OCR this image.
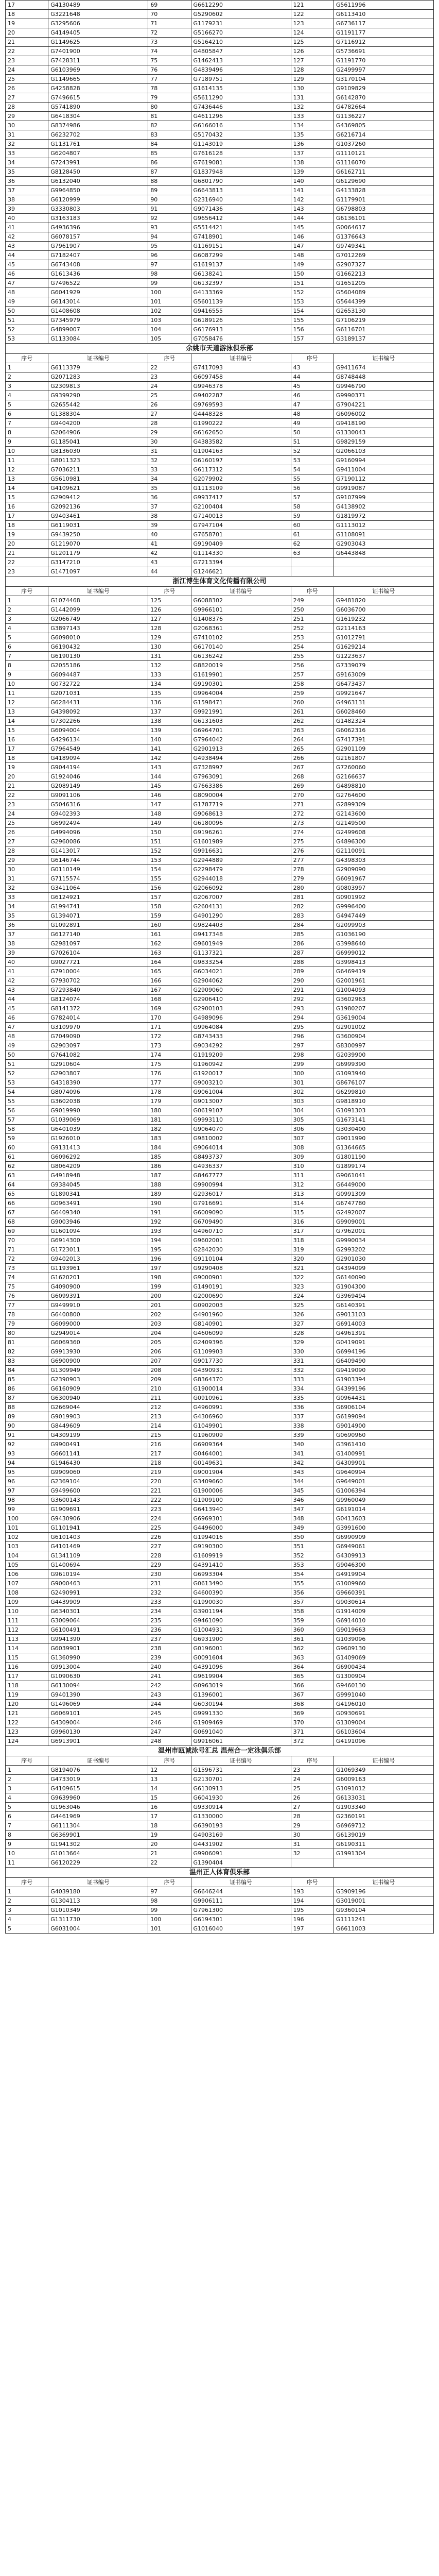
17	G4130489	69	G6612290	121	G5611996
18	G3221648	70	G5290602	122	G6113410
19	G3295606	71	G1179231	123	G6736117
20	G4149405	72	G5166270	124	G1191177
21	G1149625	73	G5164210	125	G7116912
22	G7401900	74	G4805847	126	G5736691
23	G7428311	75	G1462413	127	G1191770
24	G6103969	76	G4839496	128	G2499997
25	G1149665	77	G7189751	129	G3170104
26	G4258828	78	G1614135	130	G9109829
27	G7496615	79	G5611290	131	G6142870
28	G5741890	80	G7436446	132	G4782664
29	G6418304	81	G4611296	133	G1136227
30	G8374986	82	G6166016	134	G4369805
31	G6232702	83	G5170432	135	G6216714
32	G1131761	84	G1143019	136	G1037260
33	G6204807	85	G7616128	137	G1110121
34	G7243991	86	G7619081	138	G1116070
35	G8128450	87	G1837948	139	G6162711
36	G6132040	88	G6801790	140	G6129690
37	G9964850	89	G6643813	141	G4133828
38	G6120999	90	G2316940	142	G1179901
39	G3330803	91	G9071436	143	G6798803
40	G3163183	92	G9656412	144	G6136101
41	G4936396	93	G5514421	145	G0064617
42	G6078157	94	G7418901	146	G1376643
43	G7961907	95	G1169151	147	G9749341
44	G7182407	96	G6087299	148	G7012269
45	G6743408	97	G1619137	149	G2907327
46	G1613436	98	G6138241	150	G1662213
47	G7496522	99	G6132397	151	G1651205
48	G6041929	100	G4133369	152	G5604089
49	G6143014	101	G5601139	153	G5644399
50	G1408608	102	G9416555	154	G2653130
51	G7345979	103	G6189126	155	G7106219
52	G4899007	104	G6176913	156	G6116701
53	G1133084	105	G7058476	157	G3189137
余姚市天道游泳俱乐部					
序号	证书编号	序号	证书编号	序号	证书编号
1	G6113379	22	G7417093	43	G9411674
2	G2071283	23	G6097458	44	G8748448
3	G2309813	24	G9946378	45	G9946790
4	G9399290	25	G9402287	46	G9990371
5	G2655442	26	G9769593	47	G7904221
6	G1388304	27	G4448328	48	G6096002
7	G9404200	28	G1990222	49	G9418190
8	G2064906	29	G6162650	50	G1330043
9	G1185041	30	G4383582	51	G9829159
10	G8136030	31	G1904163	52	G2066103
11	G8011323	32	G6160197	53	G9160994
12	G7036211	33	G6117312	54	G9411004
13	G5610981	34	G2079902	55	G7190112
14	G4109621	35	G1113109	56	G9919087
15	G2909412	36	G9937417	57	G9107999
16	G2092136	37	G2100404	58	G4138902
17	G9403461	38	G7140013	59	G1819972
18	G6119031	39	G7947104	60	G1113012
19	G9439250	40	G7658701	61	G1108091
20	G1219070	41	G9190409	62	G2903043
21	G1201179	42	G1114330	63	G6443848
22	G3147210	43	G7213394		
23	G1471097	44	G1246621		
浙江博生体育文化传播有限公司					
序号	证书编号	序号	证书编号	序号	证书编号
1	G1074468	125	G6088302	249	G9481820
2	G1442099	126	G9966101	250	G6036700
3	G2066749	127	G1408376	251	G1619232
4	G3897143	128	G2068361	252	G2114163
5	G6098010	129	G7410102	253	G1012791
6	G6190432	130	G6170140	254	G1629214
7	G6190130	131	G6136242	255	G1223637
8	G2055186	132	G8820019	256	G7339079
9	G6094487	133	G1619901	257	G9163009
10	G0732722	134	G9190301	258	G6473437
11	G2071031	135	G9964004	259	G9921647
12	G6284431	136	G1598471	260	G4963131
13	G4398092	137	G9921991	261	G6028460
14	G7302266	138	G6131603	262	G1482324
15	G6094004	139	G6964701	263	G6062316
16	G4296134	140	G7964042	264	G7417391
17	G7964549	141	G2901913	265	G2901109
18	G4189094	142	G4938494	266	G2161807
19	G9044194	143	G7328997	267	G7260060
20	G1924046	144	G7963091	268	G2166637
21	G2089149	145	G7663386	269	G4898810
22	G9091106	146	G8090004	270	G2764600
23	G5046316	147	G1787719	271	G2899309
24	G9402393	148	G9068613	272	G2143600
25	G6992494	149	G6180096	273	G2149500
26	G4994096	150	G9196261	274	G2499608
27	G2960086	151	G1601989	275	G4896300
28	G1413017	152	G9916631	276	G2110091
29	G6146744	153	G2944889	277	G4398303
30	G0110149	154	G2298479	278	G2909090
31	G7115574	155	G2944018	279	G6091967
32	G3411064	156	G2066092	280	G0803997
33	G6124921	157	G2067007	281	G0901992
34	G1994741	158	G2604131	282	G9996400
35	G1394071	159	G4901290	283	G4947449
36	G1092891	160	G9824403	284	G2099903
37	G6127140	161	G9417348	285	G1036190
38	G2981097	162	G9601949	286	G3998640
39	G7026104	163	G1137321	287	G6999012
40	G9027721	164	G9833254	288	G3998413
41	G7910004	165	G6034021	289	G6469419
42	G7930702	166	G2904062	290	G2001961
43	G7293840	167	G2909060	291	G1004093
44	G8124074	168	G2906410	292	G3602963
45	G8141372	169	G2900103	293	G1980207
46	G7824014	170	G4989096	294	G3619004
47	G3109970	171	G9964084	295	G2901002
48	G7049090	172	G8743433	296	G3600904
49	G2903097	173	G9034292	297	G8300997
50	G7641082	174	G1919209	298	G2039900
51	G2910604	175	G1960942	299	G6999390
52	G2903807	176	G1920017	300	G1093940
53	G4318390	177	G9003210	301	G8676107
54	G8074096	178	G9061004	302	G6299810
55	G3602038	179	G9013007	303	G9818910
56	G9019990	180	G0619107	304	G1091303
57	G1039069	181	G9993110	305	G1673141
58	G6401039	182	G9064070	306	G3030400
59	G1926010	183	G9810002	307	G9011990
60	G9131413	184	G9064014	308	G1364665
61	G6096292	185	G8493737	309	G1801190
62	G8064209	186	G4936337	310	G1899174
63	G4918948	187	G8467777	311	G9061041
64	G9384045	188	G9900994	312	G6449000
65	G1890341	189	G2936017	313	G0991309
66	G0963491	190	G7916691	314	G6747780
67	G6409340	191	G6009090	315	G2492007
68	G9003946	192	G6709490	316	G9909001
69	G1601094	193	G4960710	317	G7962001
70	G6914300	194	G9602001	318	G9990034
71	G1723011	195	G2842030	319	G2993202
72	G9402013	196	G9110104	320	G2901030
73	G1193961	197	G9290408	321	G4394099
74	G1620201	198	G9000901	322	G6140090
75	G4090900	199	G1490191	323	G1904300
76	G6099391	200	G2000690	324	G3969494
77	G9499910	201	G0902003	325	G6140391
78	G6400800	202	G4901960	326	G9013103
79	G6099000	203	G8140901	327	G6914003
80	G2949014	204	G4606099	328	G4961391
81	G6069360	205	G2409396	329	G0419091
82	G9913930	206	G1109903	330	G6994196
83	G6900900	207	G9017730	331	G6409490
84	G1309949	208	G4390931	332	G9419090
85	G2390903	209	G8364370	333	G1903394
86	G6160909	210	G1900014	334	G4399196
87	G6300940	211	G0910961	335	G0964431
88	G2669044	212	G4960991	336	G6906104
89	G9019903	213	G4306960	337	G6199094
90	G8449609	214	G1049901	338	G9014900
91	G4309199	215	G1960909	339	G0690960
92	G9900491	216	G6909364	340	G3961410
93	G6601141	217	G0464001	341	G1400991
94	G1946430	218	G0149631	342	G4309901
95	G9909060	219	G9001904	343	G9640994
96	G2369104	220	G3409660	344	G9649001
97	G9499600	221	G1900006	345	G1006394
98	G3600143	222	G1909100	346	G9960049
99	G1909691	223	G6413940	347	G6191014
100	G9430906	224	G6969301	348	G0413603
101	G1101941	225	G4496000	349	G3991600
102	G6101403	226	G1994016	350	G6990909
103	G4101469	227	G9190300	351	G6949061
104	G1341109	228	G1609919	352	G4309913
105	G1400694	229	G4391410	353	G9046300
106	G9610194	230	G6993304	354	G4919904
107	G9000463	231	G0613490	355	G1009960
108	G2490991	232	G4600390	356	G9660391
109	G4439909	233	G1990030	357	G9030614
110	G6340301	234	G3901194	358	G1914009
111	G3009064	235	G9461090	359	G6914010
112	G6100491	236	G1004931	360	G9019663
113	G9941390	237	G6931900	361	G1039096
114	G6039901	238	G0196001	362	G9609130
115	G1360990	239	G0091604	363	G1409069
116	G9913004	240	G4391096	364	G6900434
117	G1090630	241	G9619904	365	G1300904
118	G6130094	242	G0963019	366	G9460130
119	G9401390	243	G1396001	367	G9991040
120	G1496069	244	G6030194	368	G4196010
121	G6069101	245	G9991330	369	G0930691
122	G4309004	246	G1909469	370	G1309004
123	G9960130	247	G0691040	371	G6103604
124	G6913901	248	G9916061	372	G4191096
温州市瓯诚泳号汇总 温州合一定泳俱乐部					
序号	证书编号	序号	证书编号	序号	证书编号
1	G8194076	12	G1596731	23	G1069349
2	G4733019	13	G2130701	24	G6009163
3	G4109615	14	G6130913	25	G1091012
4	G9639960	15	G6041930	26	G6133031
5	G1963046	16	G9330914	27	G1903340
6	G4461969	17	G1330000	28	G2360191
7	G6111304	18	G6390193	29	G6969712
8	G6369901	19	G4903169	30	G6139019
9	G1941302	20	G4431902	31	G6190311
10	G1013664	21	G9906091	32	G1991304
11	G6120229	22	G1390404		
温州正人体育俱乐部					
序号	证书编号	序号	证书编号	序号	证书编号
1	G4039180	97	G6646244	193	G3909196
2	G1304113	98	G9906111	194	G3019001
3	G1010349	99	G7961300	195	G9360104
4	G1311730	100	G6194301	196	G1111241
5	G6031004	101	G1016040	197	G6611003
